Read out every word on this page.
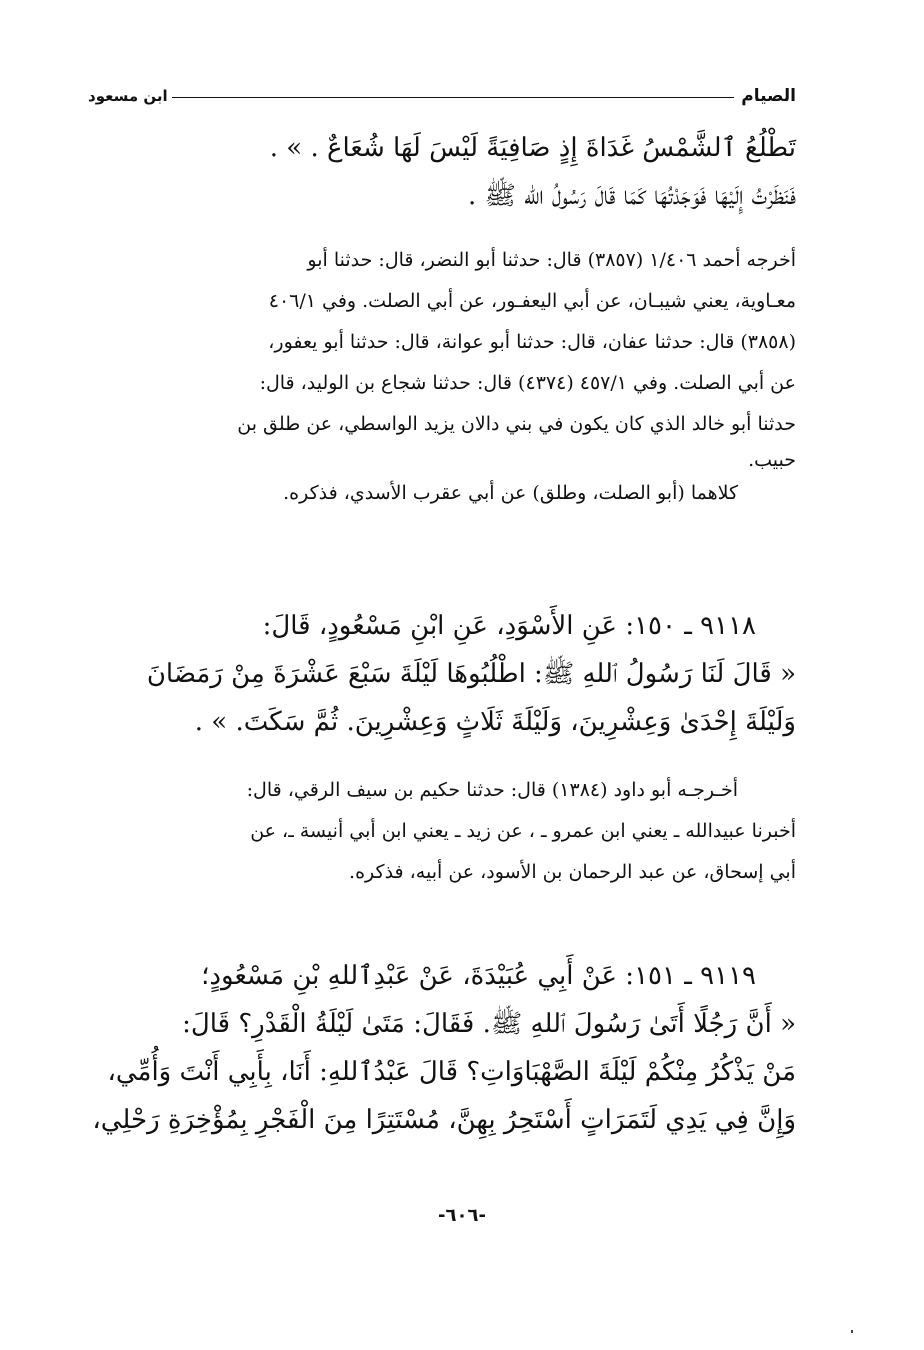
الصيام
ابن مسعود
تَطْلُعُ ٱلشَّمْسُ غَدَاةَ إِذٍ صَافِيَةً لَيْسَ لَهَا شُعَاعٌ . » .
فَنَظَرْتُ إِلَيْهَا فَوَجَدْتُهَا كَمَا قَالَ رَسُولُ الله ﷺ .
أخرجه أحمد ١/٤٠٦ (٣٨٥٧) قال: حدثنا أبو النضر، قال: حدثنا أبو
معـاوية، يعني شيبـان، عن أبي اليعفـور، عن أبي الصلت. وفي ٤٠٦/١
(٣٨٥٨) قال: حدثنا عفان، قال: حدثنا أبو عوانة، قال: حدثنا أبو يعفور،
عن أبي الصلت. وفي ٤٥٧/١ (٤٣٧٤) قال: حدثنا شجاع بن الوليد، قال:
حدثنا أبو خالد الذي كان يكون في بني دالان يزيد الواسطي، عن طلق بن
حبيب.
كلاهما (أبو الصلت، وطلق) عن أبي عقرب الأسدي، فذكره.
٩١١٨ ـ ١٥٠: عَنِ الأَسْوَدِ، عَنِ ابْنِ مَسْعُودٍ، قَالَ:
« قَالَ لَنَا رَسُولُ ٱللهِ ﷺ: اطْلُبُوهَا لَيْلَةَ سَبْعَ عَشْرَةَ مِنْ رَمَضَانَ
وَلَيْلَةَ إِحْدَىٰ وَعِشْرِينَ، وَلَيْلَةَ ثَلَاثٍ وَعِشْرِينَ. ثُمَّ سَكَتَ. » .
أخـرجـه أبو داود (١٣٨٤) قال: حدثنا حكيم بن سيف الرقي، قال:
أخبرنا عبيدالله ـ يعني ابن عمرو ـ ، عن زيد ـ يعني ابن أبي أنيسة ـ، عن
أبي إسحاق، عن عبد الرحمان بن الأسود، عن أبيه، فذكره.
٩١١٩ ـ ١٥١: عَنْ أَبِي عُبَيْدَةَ، عَنْ عَبْدِٱللهِ بْنِ مَسْعُودٍ؛
« أَنَّ رَجُلًا أَتَىٰ رَسُولَ ٱللهِ ﷺ. فَقَالَ: مَتَىٰ لَيْلَةُ الْقَدْرِ؟ قَالَ:
مَنْ يَذْكُرُ مِنْكُمْ لَيْلَةَ الصَّهْبَاوَاتِ؟ قَالَ عَبْدُٱللهِ: أَنَا، بِأَبِي أَنْتَ وَأُمِّي،
وَإِنَّ فِي يَدِي لَتَمَرَاتٍ أَسْتَحِرُ بِهِنَّ، مُسْتَتِرًا مِنَ الْفَجْرِ بِمُؤْخِرَةِ رَحْلِي،
-٦٠٦-
